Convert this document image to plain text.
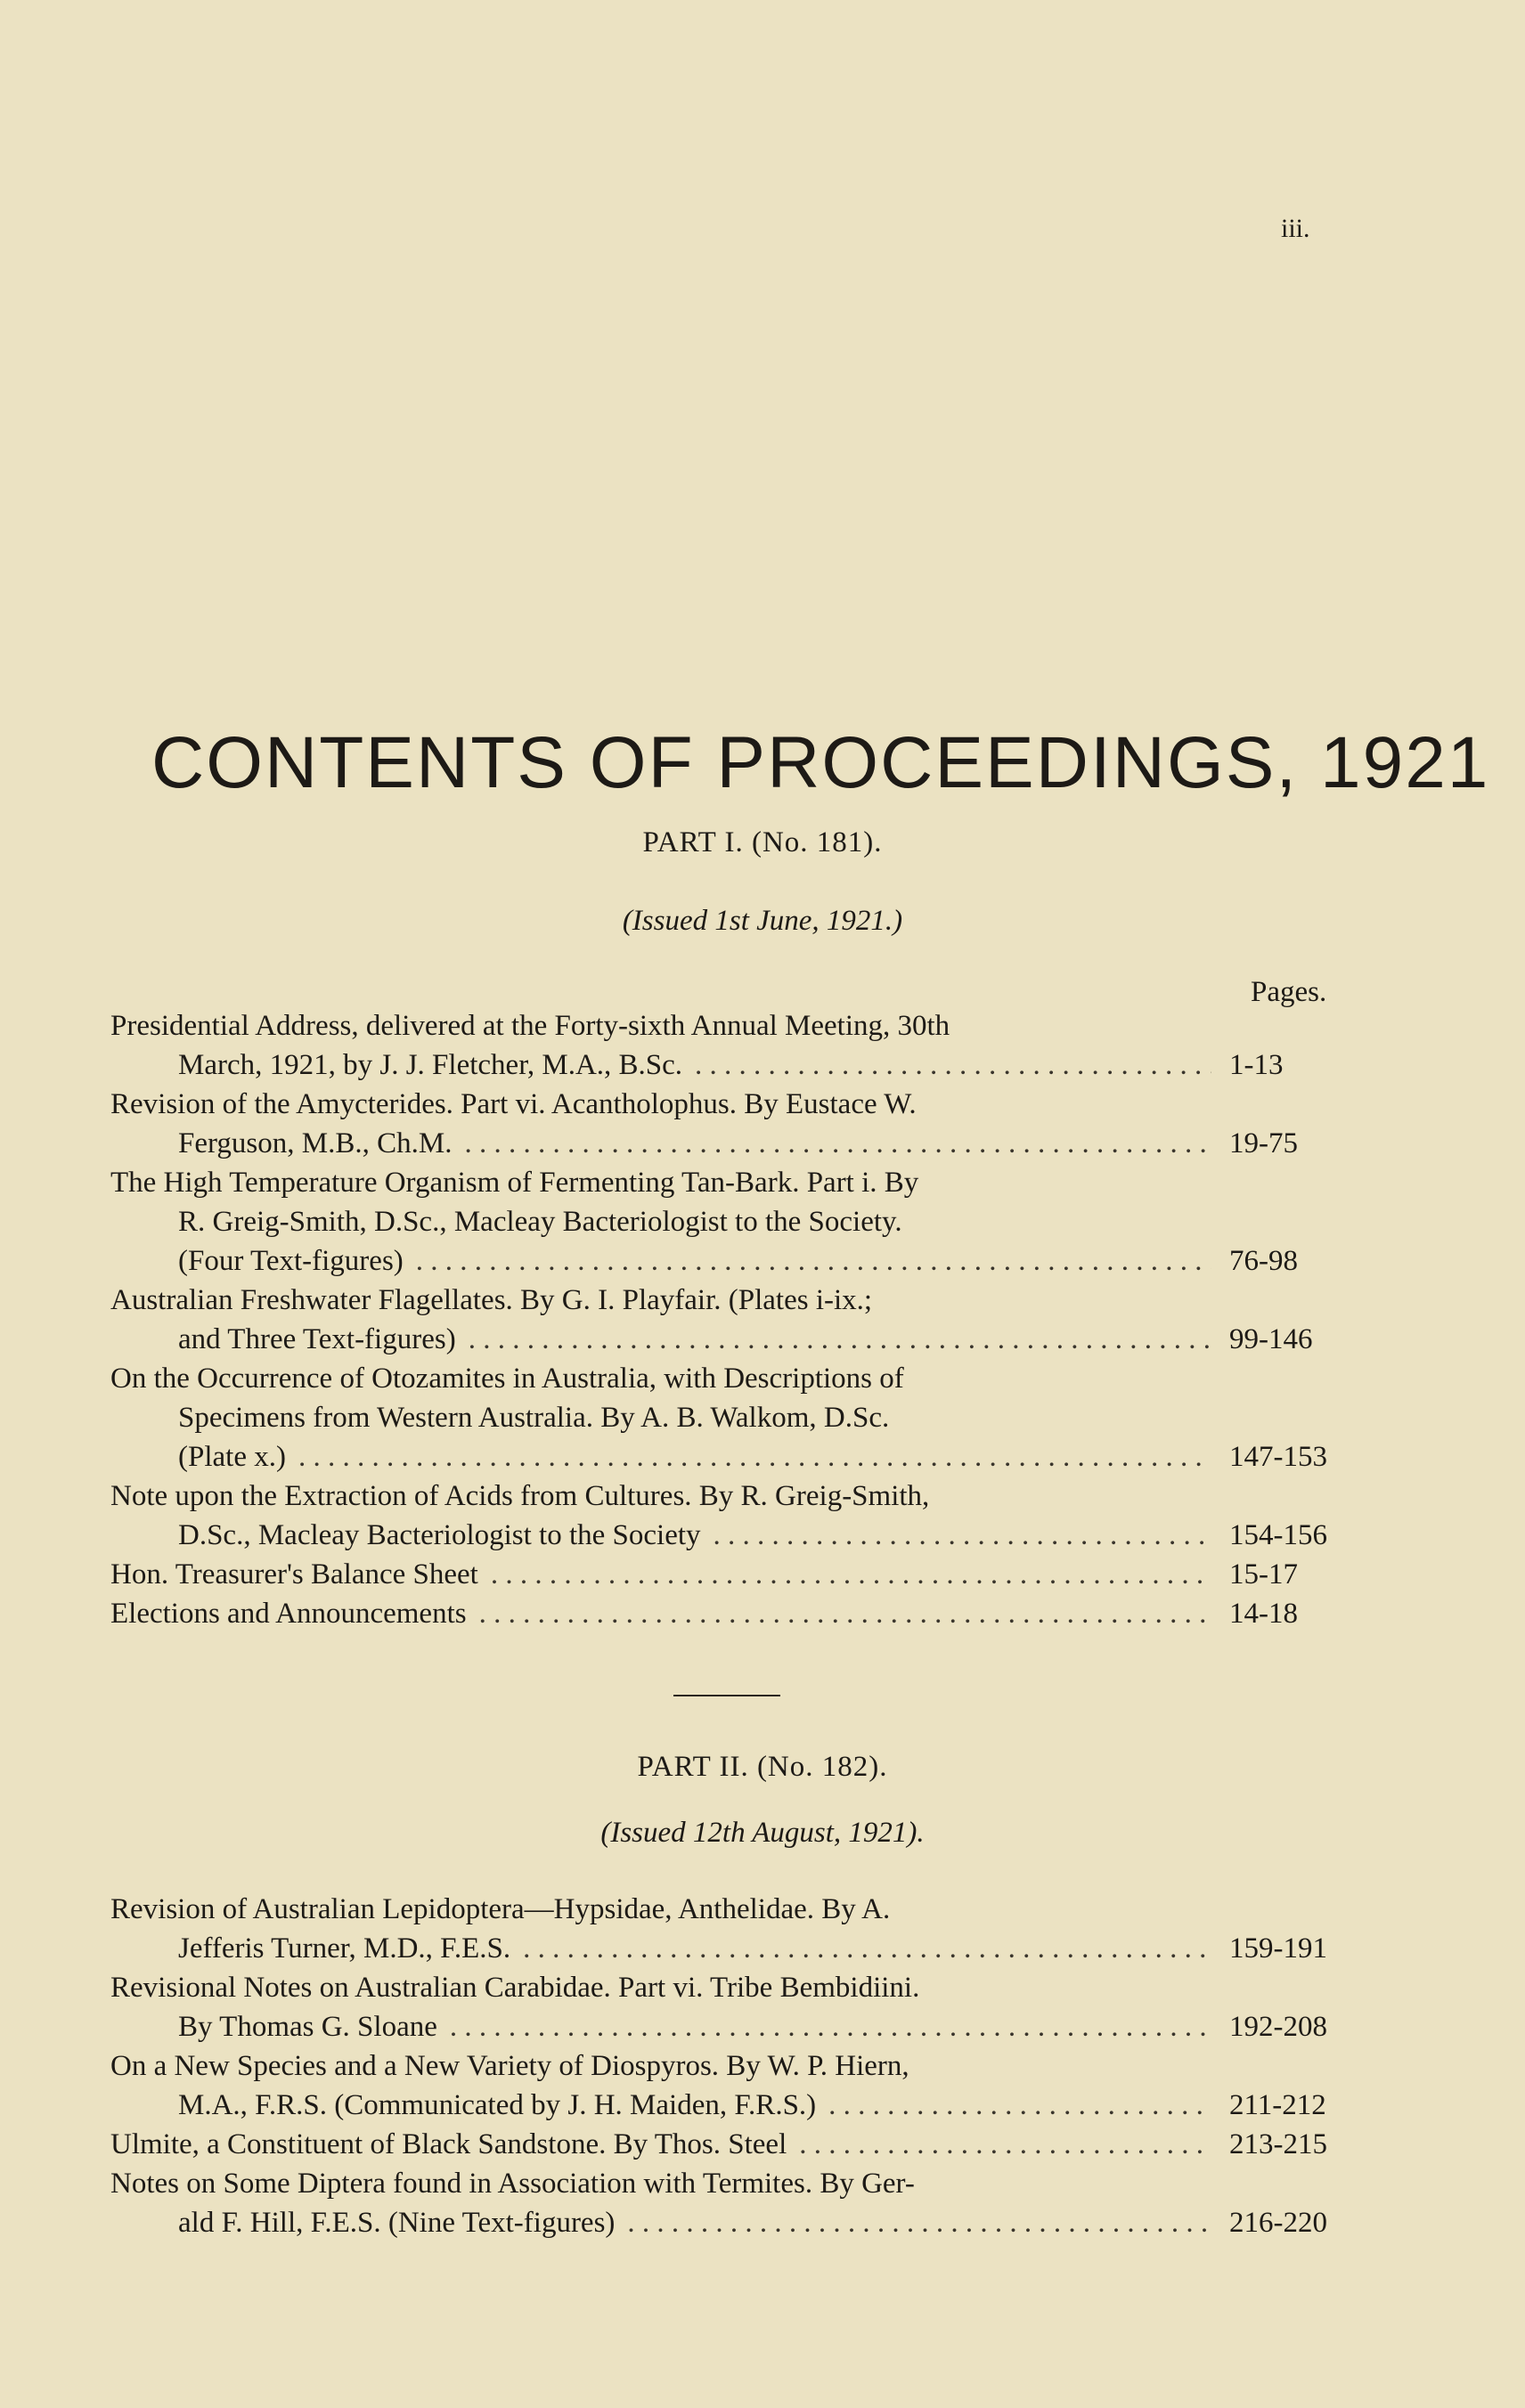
iii.
CONTENTS OF PROCEEDINGS, 1921
PART I. (No. 181).
(Issued 1st June, 1921.)
Pages.
Presidential Address, delivered at the Forty-sixth Annual Meeting, 30th
March, 1921, by J. J. Fletcher, M.A., B.Sc. . . .	1-13
Revision of the Amycterides. Part vi. Acantholophus. By Eustace W.
Ferguson, M.B., Ch.M. . . .	19-75
The High Temperature Organism of Fermenting Tan-Bark. Part i. By
R. Greig-Smith, D.Sc., Macleay Bacteriologist to the Society.
(Four Text-figures) . . .	76-98
Australian Freshwater Flagellates. By G. I. Playfair. (Plates i-ix.;
and Three Text-figures) . . .	99-146
On the Occurrence of Otozamites in Australia, with Descriptions of
Specimens from Western Australia. By A. B. Walkom, D.Sc.
(Plate x.) . . .	147-153
Note upon the Extraction of Acids from Cultures. By R. Greig-Smith,
D.Sc., Macleay Bacteriologist to the Society . . .	154-156
Hon. Treasurer's Balance Sheet . . .	15-17
Elections and Announcements . . .	14-18
PART II. (No. 182).
(Issued 12th August, 1921).
Revision of Australian Lepidoptera—Hypsidae, Anthelidae. By A.
Jefferis Turner, M.D., F.E.S. . . .	159-191
Revisional Notes on Australian Carabidae. Part vi. Tribe Bembidiini.
By Thomas G. Sloane . . .	192-208
On a New Species and a New Variety of Diospyros. By W. P. Hiern,
M.A., F.R.S. (Communicated by J. H. Maiden, F.R.S.) . . .	211-212
Ulmite, a Constituent of Black Sandstone. By Thos. Steel . . .	213-215
Notes on Some Diptera found in Association with Termites. By Ger-
ald F. Hill, F.E.S. (Nine Text-figures) . . .	216-220
